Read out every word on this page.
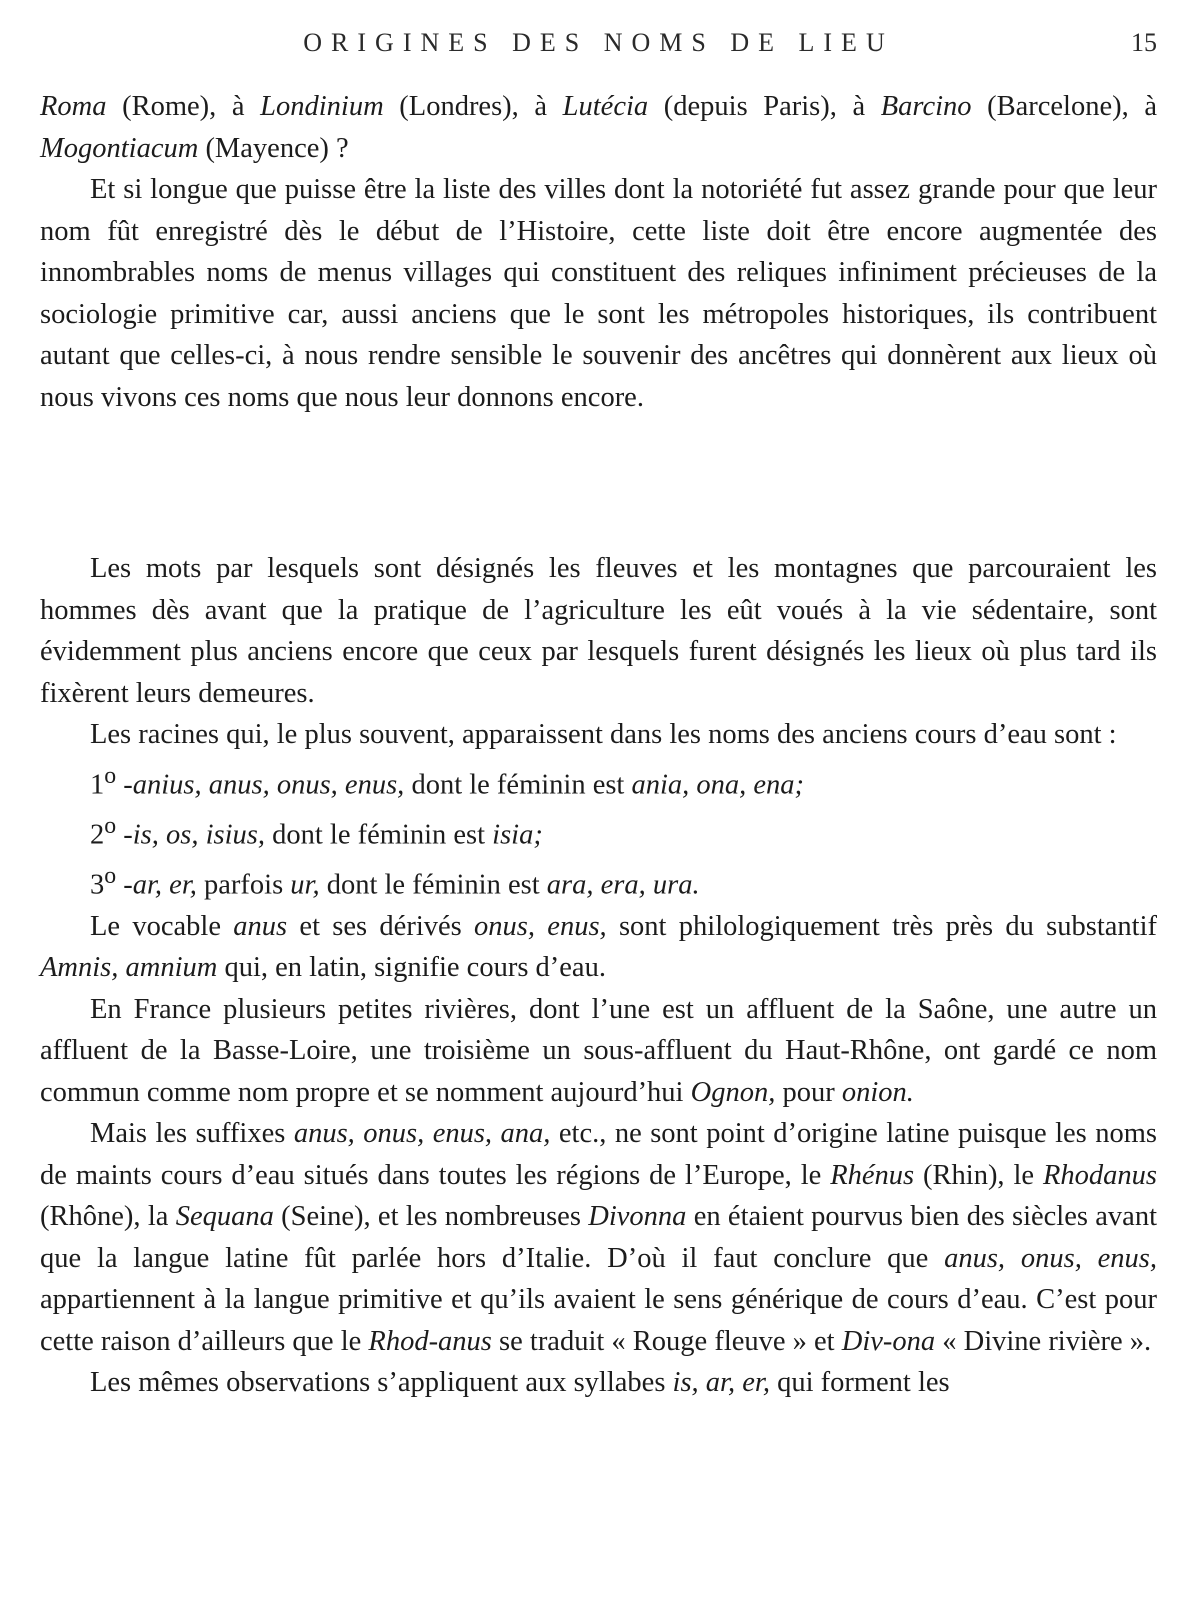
ORIGINES DES NOMS DE LIEU	15

Roma (Rome), à Londinium (Londres), à Lutécia (depuis Paris), à Barcino (Barcelone), à Mogontiacum (Mayence) ?

Et si longue que puisse être la liste des villes dont la notoriété fut assez grande pour que leur nom fût enregistré dès le début de l’Histoire, cette liste doit être encore augmentée des innombrables noms de menus villages qui constituent des reliques infiniment précieuses de la sociologie primitive car, aussi anciens que le sont les métropoles historiques, ils contribuent autant que celles-ci, à nous rendre sensible le souvenir des ancêtres qui donnèrent aux lieux où nous vivons ces noms que nous leur donnons encore.

Les mots par lesquels sont désignés les fleuves et les montagnes que parcouraient les hommes dès avant que la pratique de l’agriculture les eût voués à la vie sédentaire, sont évidemment plus anciens encore que ceux par lesquels furent désignés les lieux où plus tard ils fixèrent leurs demeures.

Les racines qui, le plus souvent, apparaissent dans les noms des anciens cours d’eau sont :

1$^o$ -anius, anus, onus, enus, dont le féminin est ania, ona, ena;

2$^o$ -is, os, isius, dont le féminin est isia;

3$^o$ -ar, er, parfois ur, dont le féminin est ara, era, ura.

Le vocable anus et ses dérivés onus, enus, sont philologiquement très près du substantif Amnis, amnium qui, en latin, signifie cours d’eau.

En France plusieurs petites rivières, dont l’une est un affluent de la Saône, une autre un affluent de la Basse-Loire, une troisième un sous-affluent du Haut-Rhône, ont gardé ce nom commun comme nom propre et se nomment aujourd’hui Ognon, pour onion.

Mais les suffixes anus, onus, enus, ana, etc., ne sont point d’origine latine puisque les noms de maints cours d’eau situés dans toutes les régions de l’Europe, le Rhénus (Rhin), le Rhodanus (Rhône), la Sequana (Seine), et les nombreuses Divonna en étaient pourvus bien des siècles avant que la langue latine fût parlée hors d’Italie. D’où il faut conclure que anus, onus, enus, appartiennent à la langue primitive et qu’ils avaient le sens générique de cours d’eau. C’est pour cette raison d’ailleurs que le Rhod-anus se traduit « Rouge fleuve » et Div-ona « Divine rivière ».

Les mêmes observations s’appliquent aux syllabes is, ar, er, qui forment les
